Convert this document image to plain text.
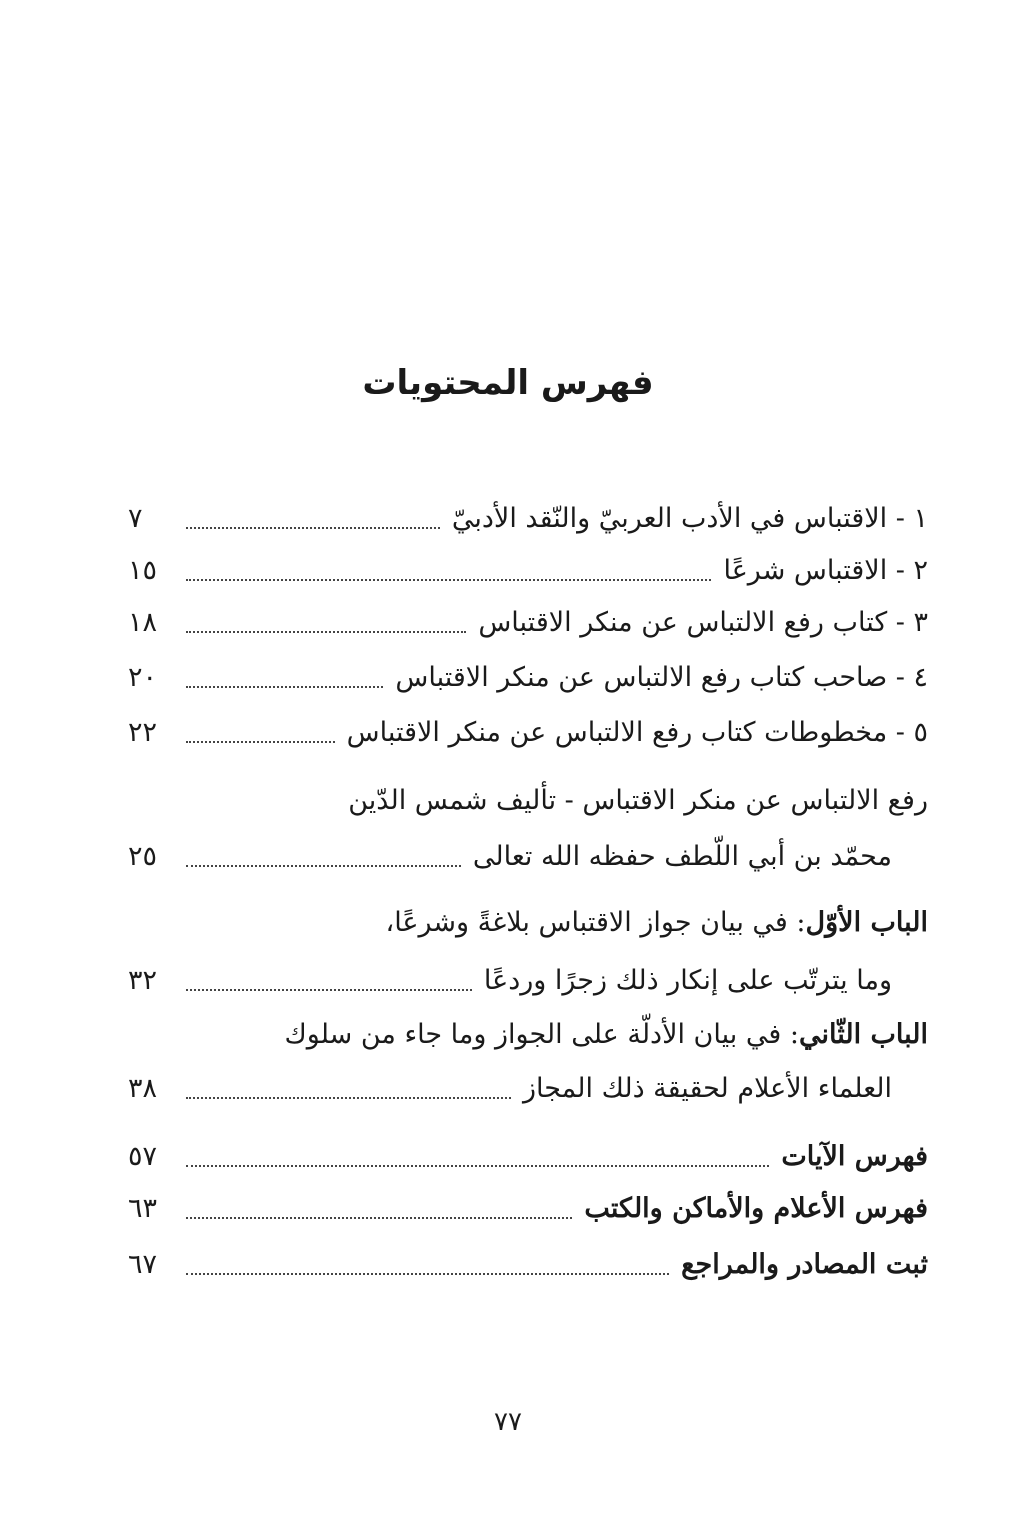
فهرس المحتويات
١ - الاقتباس في الأدب العربيّ والنّقد الأدبيّ
٧
٢ - الاقتباس شرعًا
١٥
٣ - كتاب رفع الالتباس عن منكر الاقتباس
١٨
٤ - صاحب كتاب رفع الالتباس عن منكر الاقتباس
٢٠
٥ - مخطوطات كتاب رفع الالتباس عن منكر الاقتباس
٢٢
رفع الالتباس عن منكر الاقتباس - تأليف شمس الدّين
محمّد بن أبي اللّطف حفظه الله تعالى
٢٥
الباب الأوّل: في بيان جواز الاقتباس بلاغةً وشرعًا،
وما يترتّب على إنكار ذلك زجرًا وردعًا
٣٢
الباب الثّاني: في بيان الأدلّة على الجواز وما جاء من سلوك
العلماء الأعلام لحقيقة ذلك المجاز
٣٨
فهرس الآيات
٥٧
فهرس الأعلام والأماكن والكتب
٦٣
ثبت المصادر والمراجع
٦٧
٧٧
